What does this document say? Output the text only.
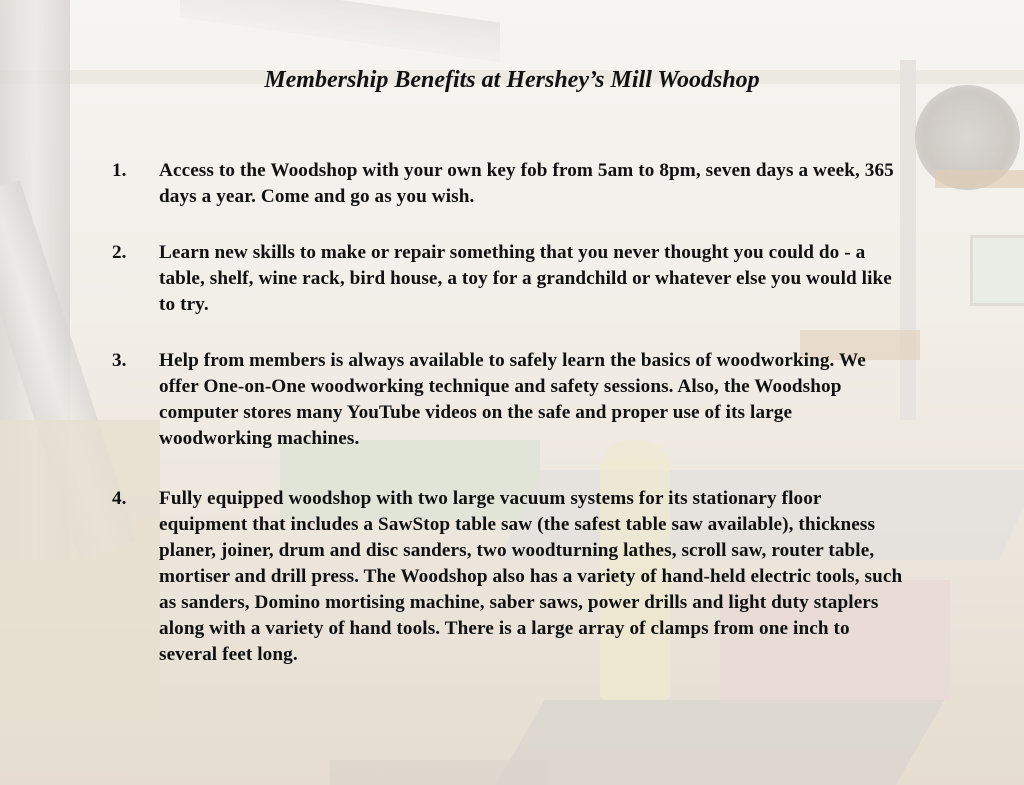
Membership Benefits at Hershey’s Mill Woodshop
1.	Access to the Woodshop with your own key fob from 5am to 8pm, seven days a week, 365 days a year. Come and go as you wish.
2.	Learn new skills to make or repair something that you never thought you could do - a table, shelf, wine rack, bird house, a toy for a grandchild or whatever else you would like to try.
3.	Help from members is always available to safely learn the basics of woodworking. We offer One-on-One woodworking technique and safety sessions. Also, the Woodshop computer stores many YouTube videos on the safe and proper use of its large woodworking machines.
4.	Fully equipped woodshop with two large vacuum systems for its stationary floor equipment that includes a SawStop table saw (the safest table saw available), thickness planer, joiner, drum and disc sanders, two woodturning lathes, scroll saw, router table, mortiser and drill press. The Woodshop also has a variety of hand-held electric tools, such as sanders, Domino mortising machine, saber saws, power drills and light duty staplers along with a variety of hand tools. There is a large array of clamps from one inch to several feet long.
